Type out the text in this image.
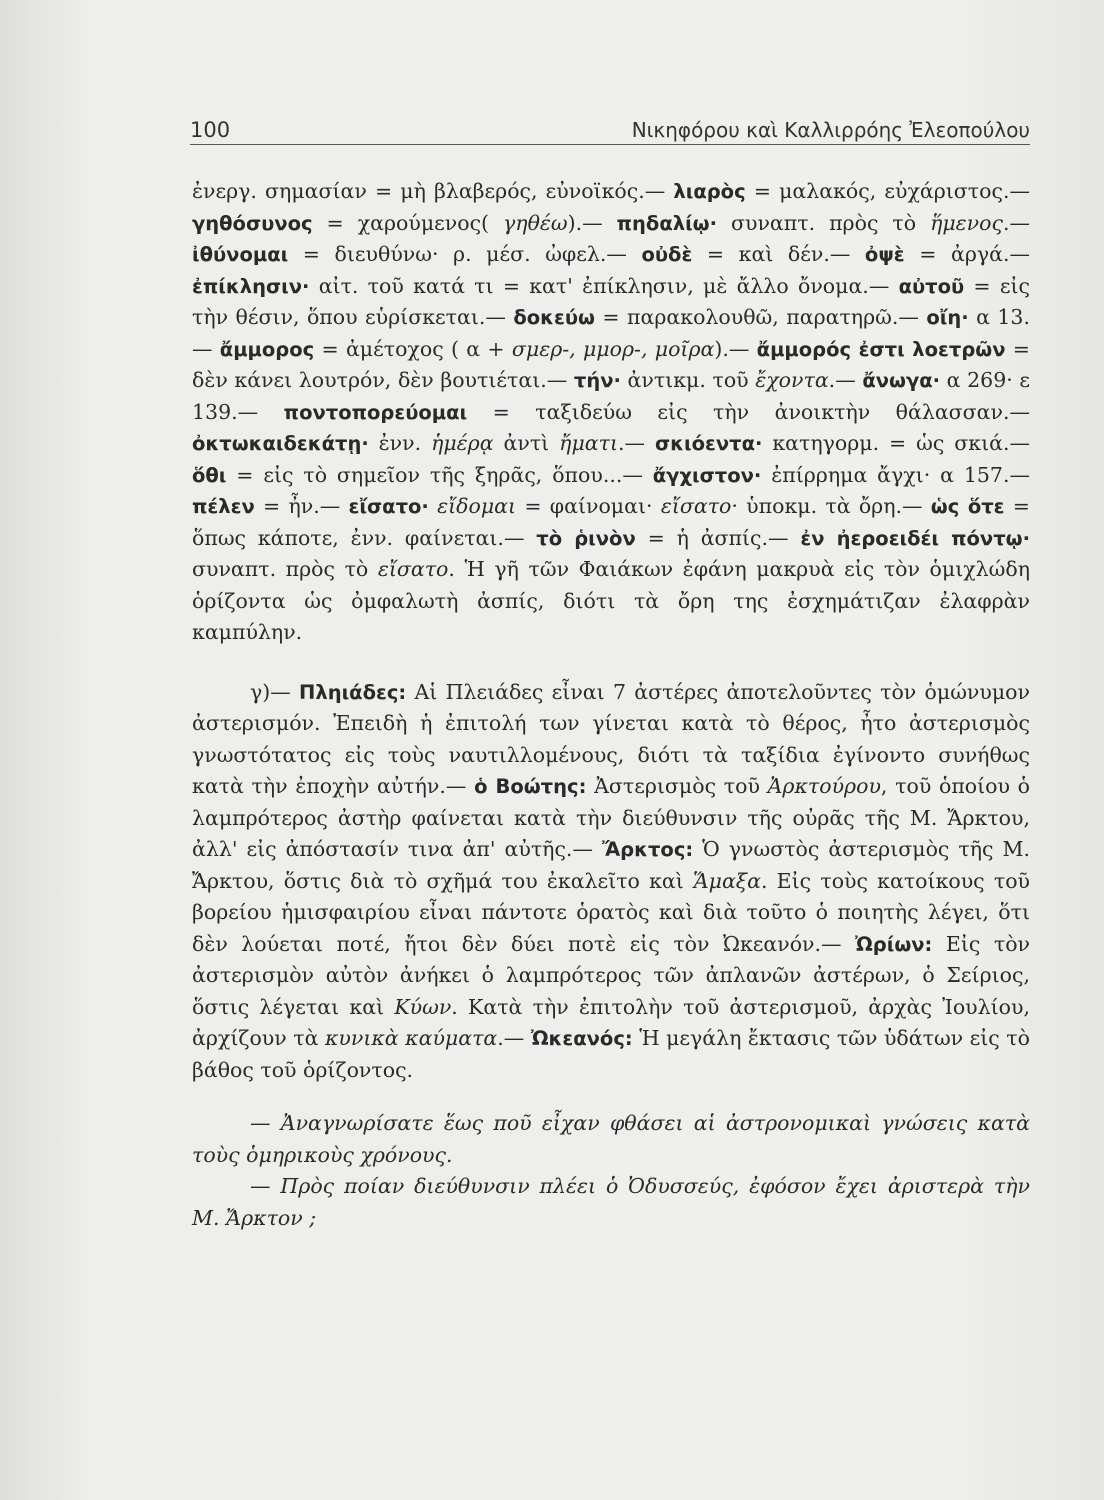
100	Νικηφόρου καὶ Καλλιρρόης Ἐλεοπούλου

ἐνεργ. σημασίαν = μὴ βλαβερός, εὐνοϊκός.— λιαρὸς = μαλακός, εὐχάριστος.— γηθόσυνος = χαρούμενος( γηθέω).— πηδαλίῳ· συναπτ. πρὸς τὸ ἥμενος.— ἰθύνομαι = διευθύνω· ρ. μέσ. ὠφελ.— οὐδὲ = καὶ δέν.— ὀψὲ = ἀργά.— ἐπίκλησιν· αἰτ. τοῦ κατά τι = κατ' ἐπίκλησιν, μὲ ἄλλο ὄνομα.— αὐτοῦ = εἰς τὴν θέσιν, ὅπου εὑρίσκεται.— δοκεύω = παρακολουθῶ, παρατηρῶ.— οἴη· α 13.— ἄμμορος = ἀμέτοχος ( α + σμερ-, μμορ-, μοῖρα).— ἄμμορός ἐστι λοετρῶν = δὲν κάνει λουτρόν, δὲν βουτιέται.— τήν· ἀντικμ. τοῦ ἔχοντα.— ἄνωγα· α 269· ε 139.— ποντοπορεύομαι = ταξιδεύω εἰς τὴν ἀνοικτὴν θάλασσαν.— ὀκτωκαιδεκάτῃ· ἐνν. ἡμέρᾳ ἀντὶ ἤματι.— σκιόεντα· κατηγορμ. = ὡς σκιά.— ὅθι = εἰς τὸ σημεῖον τῆς ξηρᾶς, ὅπου...— ἄγχιστον· ἐπίρρημα ἄγχι· α 157.— πέλεν = ἦν.— εἴσατο· εἴδομαι = φαίνομαι· εἴσατο· ὑποκμ. τὰ ὄρη.— ὡς ὅτε = ὅπως κάποτε, ἐνν. φαίνεται.— τὸ ῥινὸν = ἡ ἀσπίς.— ἐν ἠεροειδέι πόντῳ· συναπτ. πρὸς τὸ εἴσατο. Ἡ γῆ τῶν Φαιάκων ἐφάνη μακρυὰ εἰς τὸν ὁμιχλώδη ὁρίζοντα ὡς ὀμφαλωτὴ ἀσπίς, διότι τὰ ὄρη της ἐσχημάτιζαν ἐλαφρὰν καμπύλην.

γ)— Πληιάδες: Αἱ Πλειάδες εἶναι 7 ἀστέρες ἀποτελοῦντες τὸν ὁμώνυμον ἀστερισμόν. Ἐπειδὴ ἡ ἐπιτολή των γίνεται κατὰ τὸ θέρος, ἦτο ἀστερισμὸς γνωστότατος εἰς τοὺς ναυτιλλομένους, διότι τὰ ταξίδια ἐγίνοντο συνήθως κατὰ τὴν ἐποχὴν αὐτήν.— ὁ Βοώτης: Ἀστερισμὸς τοῦ Ἀρκτούρου, τοῦ ὁποίου ὁ λαμπρότερος ἀστὴρ φαίνεται κατὰ τὴν διεύθυνσιν τῆς οὐρᾶς τῆς Μ. Ἄρκτου, ἀλλ' εἰς ἀπόστασίν τινα ἀπ' αὐτῆς.— Ἄρκτος: Ὁ γνωστὸς ἀστερισμὸς τῆς Μ. Ἄρκτου, ὅστις διὰ τὸ σχῆμά του ἐκαλεῖτο καὶ Ἅμαξα. Εἰς τοὺς κατοίκους τοῦ βορείου ἡμισφαιρίου εἶναι πάντοτε ὁρατὸς καὶ διὰ τοῦτο ὁ ποιητὴς λέγει, ὅτι δὲν λούεται ποτέ, ἤτοι δὲν δύει ποτὲ εἰς τὸν Ὠκεανόν.— Ὠρίων: Εἰς τὸν ἀστερισμὸν αὐτὸν ἀνήκει ὁ λαμπρότερος τῶν ἀπλανῶν ἀστέρων, ὁ Σείριος, ὅστις λέγεται καὶ Κύων. Κατὰ τὴν ἐπιτολὴν τοῦ ἀστερισμοῦ, ἀρχὰς Ἰουλίου, ἀρχίζουν τὰ κυνικὰ καύματα.— Ὠκεανός: Ἡ μεγάλη ἔκτασις τῶν ὑδάτων εἰς τὸ βάθος τοῦ ὁρίζοντος.

— Ἀναγνωρίσατε ἕως ποῦ εἶχαν φθάσει αἱ ἀστρονομικαὶ γνώσεις κατὰ τοὺς ὁμηρικοὺς χρόνους.

— Πρὸς ποίαν διεύθυνσιν πλέει ὁ Ὀδυσσεύς, ἐφόσον ἔχει ἀριστερὰ τὴν Μ. Ἄρκτον ;
